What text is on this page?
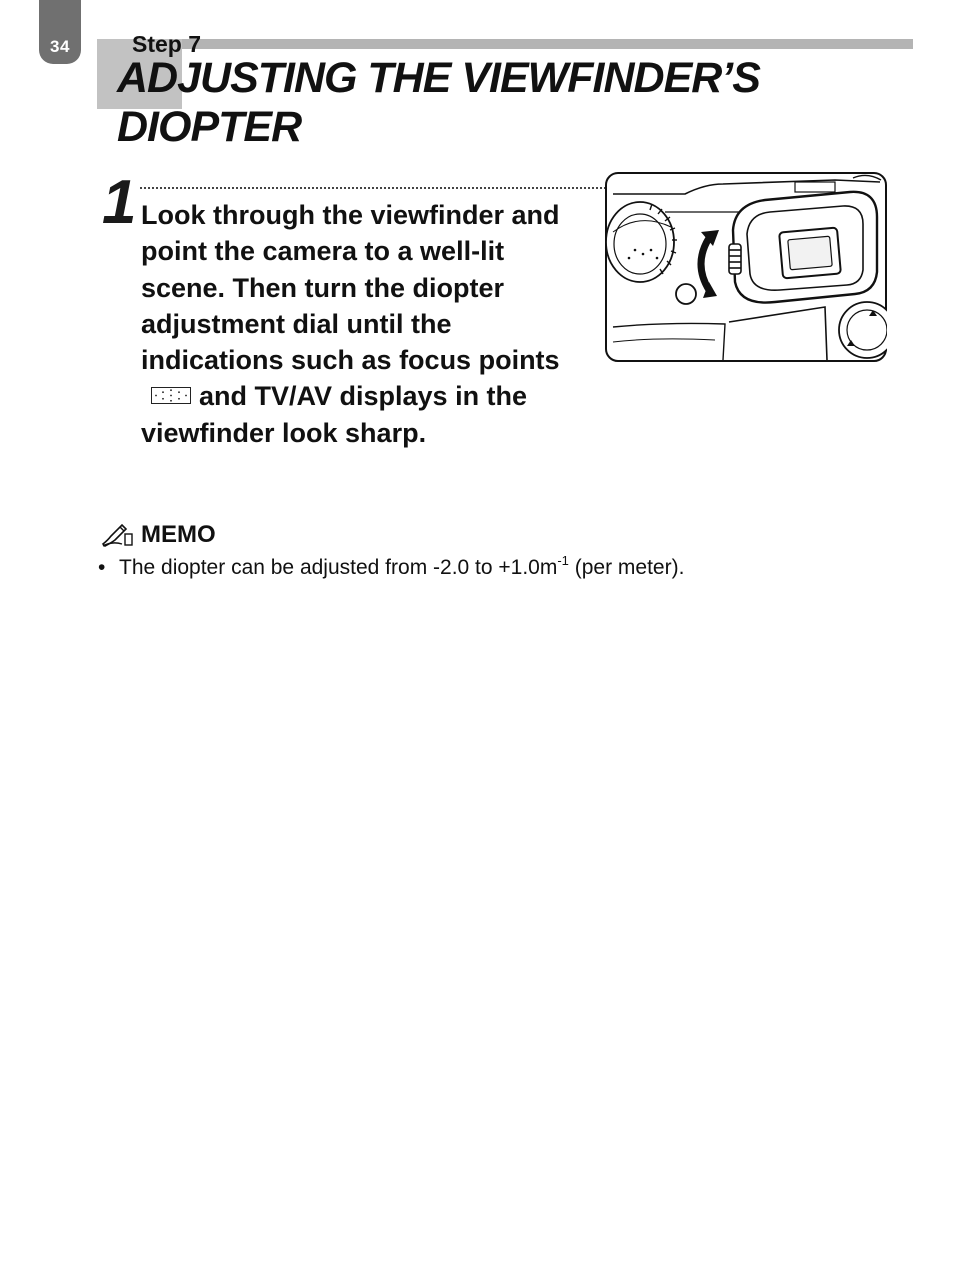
34	Step 7
ADJUSTING THE VIEWFINDER’S DIOPTER
1 Look through the viewfinder and point the camera to a well-lit scene. Then turn the diopter adjustment dial until the indications such as focus pointsand TV/AV displays in the viewfinder look sharp.

MEMO
• The diopter can be adjusted from -2.0 to $+1.0m^{-1}$ (per meter).
